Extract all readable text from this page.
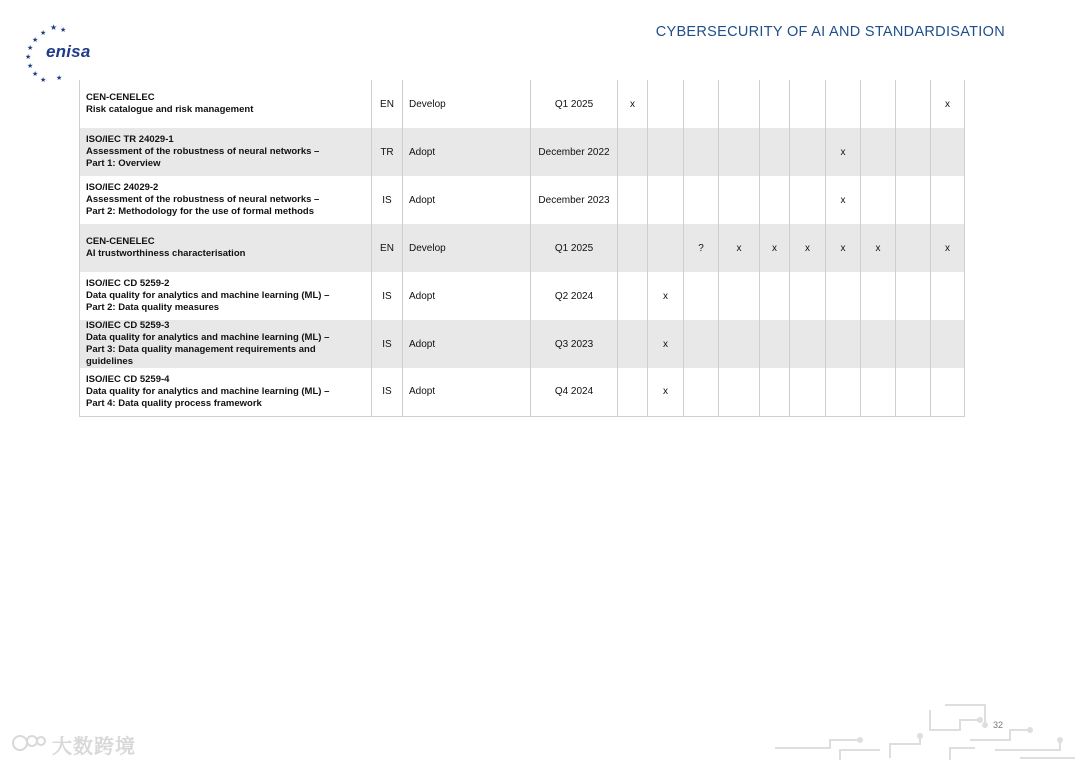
★
★
★
★
★
★
★
★
★
★
enisa
CYBERSECURITY OF AI AND STANDARDISATION
CEN-CENELEC
Risk catalogue and risk management	EN	Develop	Q1 2025	x									x

ISO/IEC TR 24029-1
Assessment of the robustness of neural networks –
Part 1: Overview	TR	Adopt	December 2022							x			

ISO/IEC 24029-2
Assessment of the robustness of neural networks –
Part 2: Methodology for the use of formal methods	IS	Adopt	December 2023							x			

CEN-CENELEC
AI trustworthiness characterisation	EN	Develop	Q1 2025			?	x	x	x	x	x		x

ISO/IEC CD 5259-2
Data quality for analytics and machine learning (ML) –
Part 2: Data quality measures	IS	Adopt	Q2 2024		x								

ISO/IEC CD 5259-3
Data quality for analytics and machine learning (ML) –
Part 3: Data quality management requirements and
guidelines	IS	Adopt	Q3 2023		x								

ISO/IEC CD 5259-4
Data quality for analytics and machine learning (ML) –
Part 4: Data quality process framework	IS	Adopt	Q4 2024		x								
32
大数跨境
